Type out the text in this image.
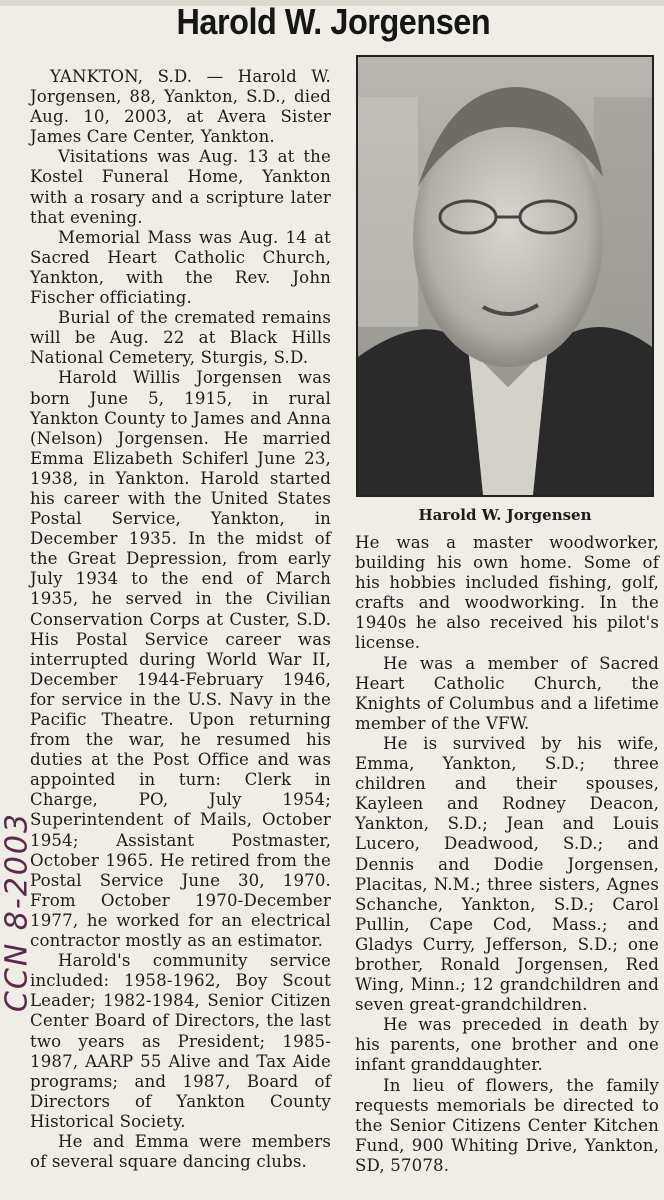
Harold W. Jorgensen

YANKTON, S.D. — Harold W. Jorgensen, 88, Yankton, S.D., died Aug. 10, 2003, at Avera Sister James Care Center, Yankton.

Visitations was Aug. 13 at the Kostel Funeral Home, Yankton with a rosary and a scripture later that evening.

Memorial Mass was Aug. 14 at Sacred Heart Catholic Church, Yankton, with the Rev. John Fischer officiating.

Burial of the cremated remains will be Aug. 22 at Black Hills National Cemetery, Sturgis, S.D.

Harold Willis Jorgensen was born June 5, 1915, in rural Yankton County to James and Anna (Nelson) Jorgensen. He married Emma Elizabeth Schiferl June 23, 1938, in Yankton. Harold started his career with the United States Postal Service, Yankton, in December 1935. In the midst of the Great Depression, from early July 1934 to the end of March 1935, he served in the Civilian Conservation Corps at Custer, S.D. His Postal Service career was interrupted during World War II, December 1944-February 1946, for service in the U.S. Navy in the Pacific Theatre. Upon returning from the war, he resumed his duties at the Post Office and was appointed in turn: Clerk in Charge, PO, July 1954; Superintendent of Mails, October 1954; Assistant Postmaster, October 1965. He retired from the Postal Service June 30, 1970. From October 1970-December 1977, he worked for an electrical contractor mostly as an estimator.

Harold's community service included: 1958-1962, Boy Scout Leader; 1982-1984, Senior Citizen Center Board of Directors, the last two years as President; 1985-1987, AARP 55 Alive and Tax Aide programs; and 1987, Board of Directors of Yankton County Historical Society.

He and Emma were members of several square dancing clubs.

Harold W. Jorgensen

He was a master woodworker, building his own home. Some of his hobbies included fishing, golf, crafts and woodworking. In the 1940s he also received his pilot's license.

He was a member of Sacred Heart Catholic Church, the Knights of Columbus and a lifetime member of the VFW.

He is survived by his wife, Emma, Yankton, S.D.; three children and their spouses, Kayleen and Rodney Deacon, Yankton, S.D.; Jean and Louis Lucero, Deadwood, S.D.; and Dennis and Dodie Jorgensen, Placitas, N.M.; three sisters, Agnes Schanche, Yankton, S.D.; Carol Pullin, Cape Cod, Mass.; and Gladys Curry, Jefferson, S.D.; one brother, Ronald Jorgensen, Red Wing, Minn.; 12 grandchildren and seven great-grandchildren.

He was preceded in death by his parents, one brother and one infant granddaughter.

In lieu of flowers, the family requests memorials be directed to the Senior Citizens Center Kitchen Fund, 900 Whiting Drive, Yankton, SD, 57078.

CCN 8-2003
